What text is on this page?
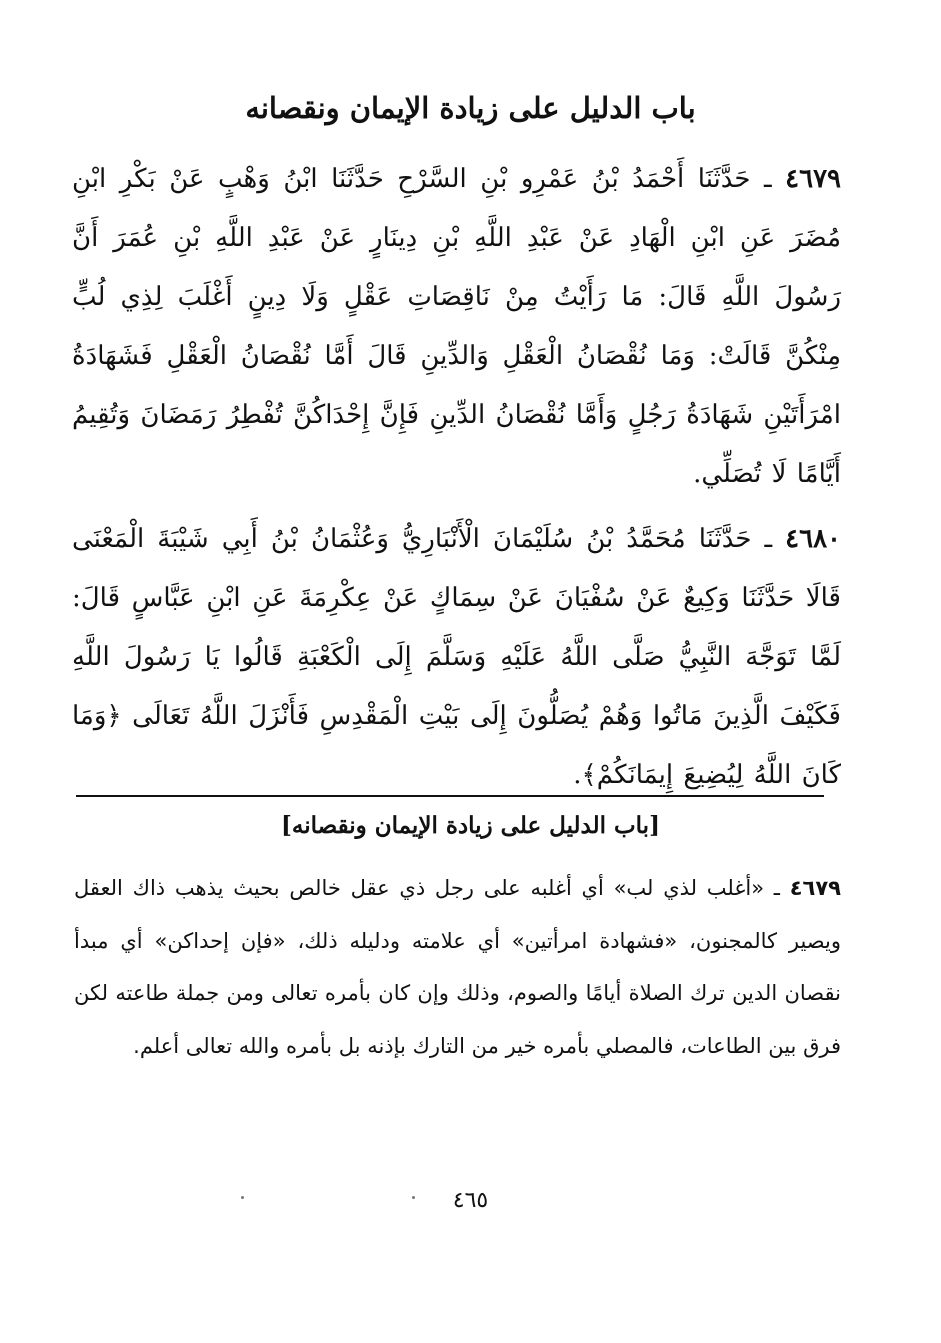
باب الدليل على زيادة الإيمان ونقصانه

٤٦٧٩ ـ حَدَّثَنَا أَحْمَدُ بْنُ عَمْرِو بْنِ السَّرْحِ حَدَّثَنَا ابْنُ وَهْبٍ عَنْ بَكْرِ ابْنِ مُضَرَ عَنِ ابْنِ الْهَادِ عَنْ عَبْدِ اللَّهِ بْنِ دِينَارٍ عَنْ عَبْدِ اللَّهِ بْنِ عُمَرَ أَنَّ رَسُولَ اللَّهِ قَالَ: مَا رَأَيْتُ مِنْ نَاقِصَاتِ عَقْلٍ وَلَا دِينٍ أَغْلَبَ لِذِي لُبٍّ مِنْكُنَّ قَالَتْ: وَمَا نُقْصَانُ الْعَقْلِ وَالدِّينِ قَالَ أَمَّا نُقْصَانُ الْعَقْلِ فَشَهَادَةُ امْرَأَتَيْنِ شَهَادَةُ رَجُلٍ وَأَمَّا نُقْصَانُ الدِّينِ فَإِنَّ إِحْدَاكُنَّ تُفْطِرُ رَمَضَانَ وَتُقِيمُ أَيَّامًا لَا تُصَلِّي.

٤٦٨٠ ـ حَدَّثَنَا مُحَمَّدُ بْنُ سُلَيْمَانَ الْأَنْبَارِيُّ وَعُثْمَانُ بْنُ أَبِي شَيْبَةَ الْمَعْنَى قَالَا حَدَّثَنَا وَكِيعٌ عَنْ سُفْيَانَ عَنْ سِمَاكٍ عَنْ عِكْرِمَةَ عَنِ ابْنِ عَبَّاسٍ قَالَ: لَمَّا تَوَجَّهَ النَّبِيُّ صَلَّى اللَّهُ عَلَيْهِ وَسَلَّمَ إِلَى الْكَعْبَةِ قَالُوا يَا رَسُولَ اللَّهِ فَكَيْفَ الَّذِينَ مَاتُوا وَهُمْ يُصَلُّونَ إِلَى بَيْتِ الْمَقْدِسِ فَأَنْزَلَ اللَّهُ تَعَالَى ﴿وَمَا كَانَ اللَّهُ لِيُضِيعَ إِيمَانَكُمْ﴾.

[باب الدليل على زيادة الإيمان ونقصانه]

٤٦٧٩ ـ «أغلب لذي لب» أي أغلبه على رجل ذي عقل خالص بحيث يذهب ذاك العقل ويصير كالمجنون، «فشهادة امرأتين» أي علامته ودليله ذلك، «فإن إحداكن» أي مبدأ نقصان الدين ترك الصلاة أيامًا والصوم، وذلك وإن كان بأمره تعالى ومن جملة طاعته لكن فرق بين الطاعات، فالمصلي بأمره خير من التارك بإذنه بل بأمره والله تعالى أعلم.

٤٦٥
